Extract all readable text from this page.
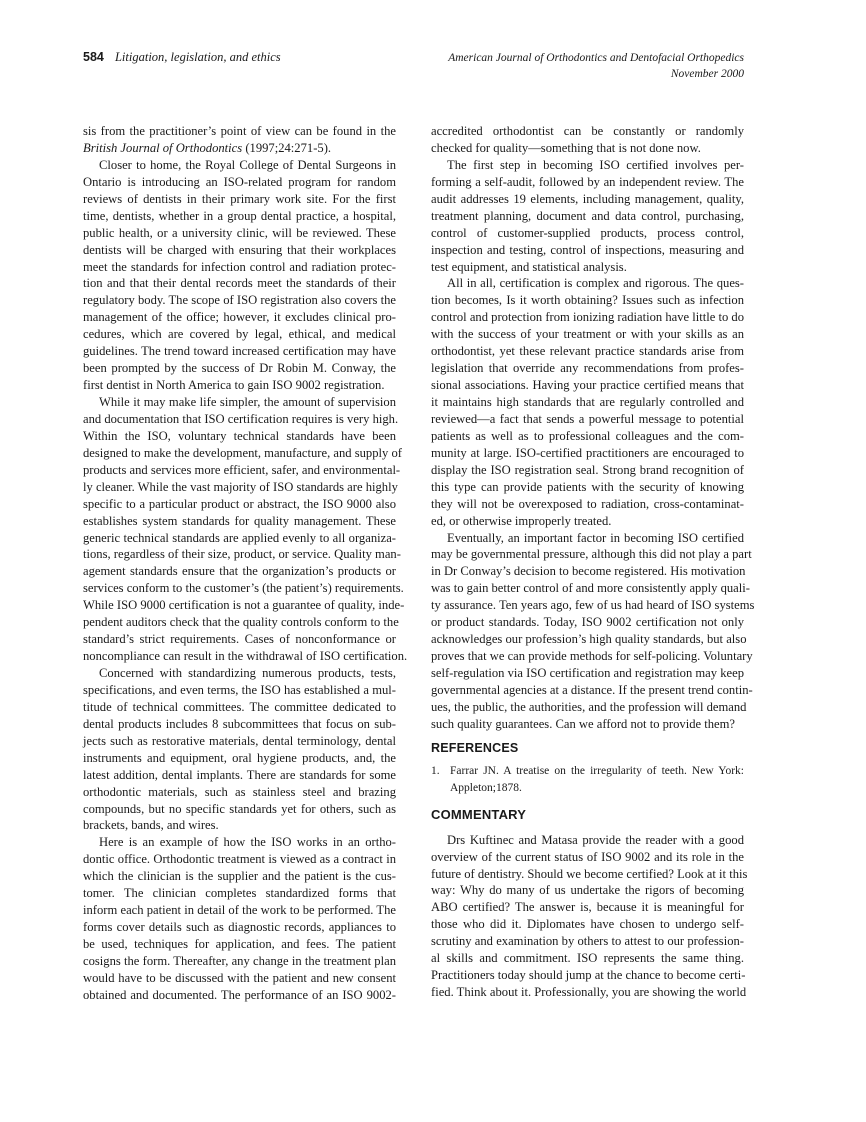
584 Litigation, legislation, and ethics	American Journal of Orthodontics and Dentofacial Orthopedics
November 2000
sis from the practitioner’s point of view can be found in the
British Journal of Orthodontics (1997;24:271-5).
Closer to home, the Royal College of Dental Surgeons in
Ontario is introducing an ISO-related program for random
reviews of dentists in their primary work site. For the first
time, dentists, whether in a group dental practice, a hospital,
public health, or a university clinic, will be reviewed. These
dentists will be charged with ensuring that their workplaces
meet the standards for infection control and radiation protec-
tion and that their dental records meet the standards of their
regulatory body. The scope of ISO registration also covers the
management of the office; however, it excludes clinical pro-
cedures, which are covered by legal, ethical, and medical
guidelines. The trend toward increased certification may have
been prompted by the success of Dr Robin M. Conway, the
first dentist in North America to gain ISO 9002 registration.
While it may make life simpler, the amount of supervision
and documentation that ISO certification requires is very high.
Within the ISO, voluntary technical standards have been
designed to make the development, manufacture, and supply of
products and services more efficient, safer, and environmental-
ly cleaner. While the vast majority of ISO standards are highly
specific to a particular product or abstract, the ISO 9000 also
establishes system standards for quality management. These
generic technical standards are applied evenly to all organiza-
tions, regardless of their size, product, or service. Quality man-
agement standards ensure that the organization’s products or
services conform to the customer’s (the patient’s) requirements.
While ISO 9000 certification is not a guarantee of quality, inde-
pendent auditors check that the quality controls conform to the
standard’s strict requirements. Cases of nonconformance or
noncompliance can result in the withdrawal of ISO certification.
Concerned with standardizing numerous products, tests,
specifications, and even terms, the ISO has established a mul-
titude of technical committees. The committee dedicated to
dental products includes 8 subcommittees that focus on sub-
jects such as restorative materials, dental terminology, dental
instruments and equipment, oral hygiene products, and, the
latest addition, dental implants. There are standards for some
orthodontic materials, such as stainless steel and brazing
compounds, but no specific standards yet for others, such as
brackets, bands, and wires.
Here is an example of how the ISO works in an ortho-
dontic office. Orthodontic treatment is viewed as a contract in
which the clinician is the supplier and the patient is the cus-
tomer. The clinician completes standardized forms that
inform each patient in detail of the work to be performed. The
forms cover details such as diagnostic records, appliances to
be used, techniques for application, and fees. The patient
cosigns the form. Thereafter, any change in the treatment plan
would have to be discussed with the patient and new consent
obtained and documented. The performance of an ISO 9002-
accredited orthodontist can be constantly or randomly
checked for quality—something that is not done now.
The first step in becoming ISO certified involves per-
forming a self-audit, followed by an independent review. The
audit addresses 19 elements, including management, quality,
treatment planning, document and data control, purchasing,
control of customer-supplied products, process control,
inspection and testing, control of inspections, measuring and
test equipment, and statistical analysis.
All in all, certification is complex and rigorous. The ques-
tion becomes, Is it worth obtaining? Issues such as infection
control and protection from ionizing radiation have little to do
with the success of your treatment or with your skills as an
orthodontist, yet these relevant practice standards arise from
legislation that override any recommendations from profes-
sional associations. Having your practice certified means that
it maintains high standards that are regularly controlled and
reviewed—a fact that sends a powerful message to potential
patients as well as to professional colleagues and the com-
munity at large. ISO-certified practitioners are encouraged to
display the ISO registration seal. Strong brand recognition of
this type can provide patients with the security of knowing
they will not be overexposed to radiation, cross-contaminat-
ed, or otherwise improperly treated.
Eventually, an important factor in becoming ISO certified
may be governmental pressure, although this did not play a part
in Dr Conway’s decision to become registered. His motivation
was to gain better control of and more consistently apply quali-
ty assurance. Ten years ago, few of us had heard of ISO systems
or product standards. Today, ISO 9002 certification not only
acknowledges our profession’s high quality standards, but also
proves that we can provide methods for self-policing. Voluntary
self-regulation via ISO certification and registration may keep
governmental agencies at a distance. If the present trend contin-
ues, the public, the authorities, and the profession will demand
such quality guarantees. Can we afford not to provide them?
REFERENCES
1. Farrar JN. A treatise on the irregularity of teeth. New York:
Appleton;1878.
COMMENTARY
Drs Kuftinec and Matasa provide the reader with a good
overview of the current status of ISO 9002 and its role in the
future of dentistry. Should we become certified? Look at it this
way: Why do many of us undertake the rigors of becoming
ABO certified? The answer is, because it is meaningful for
those who did it. Diplomates have chosen to undergo self-
scrutiny and examination by others to attest to our profession-
al skills and commitment. ISO represents the same thing.
Practitioners today should jump at the chance to become certi-
fied. Think about it. Professionally, you are showing the world
